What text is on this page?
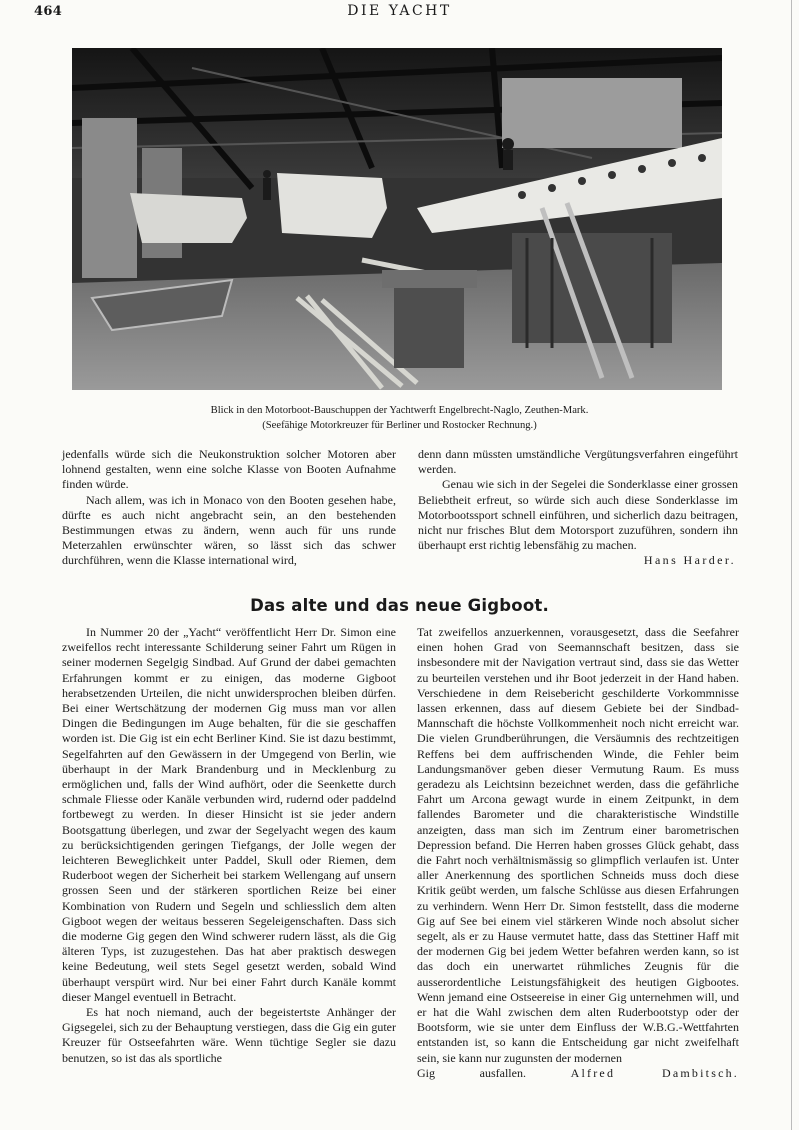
464	DIE YACHT
Blick in den Motorboot-Bauschuppen der Yachtwerft Engelbrecht-Naglo, Zeuthen-Mark.
(Seefähige Motorkreuzer für Berliner und Rostocker Rechnung.)

jedenfalls würde sich die Neukonstruktion solcher Motoren aber lohnend gestalten, wenn eine solche Klasse von Booten Aufnahme finden würde.

Nach allem, was ich in Monaco von den Booten gesehen habe, dürfte es auch nicht angebracht sein, an den bestehenden Bestimmungen etwas zu ändern, wenn auch für uns runde Meterzahlen erwünschter wären, so lässt sich das schwer durchführen, wenn die Klasse international wird,

denn dann müssten umständliche Vergütungsverfahren eingeführt werden.

Genau wie sich in der Segelei die Sonderklasse einer grossen Beliebtheit erfreut, so würde sich auch diese Sonderklasse im Motorbootssport schnell einführen, und sicherlich dazu beitragen, nicht nur frisches Blut dem Motorsport zuzuführen, sondern ihn überhaupt erst richtig lebensfähig zu machen.

Hans Harder.

Das alte und das neue Gigboot.

In Nummer 20 der „Yacht“ veröffentlicht Herr Dr. Simon eine zweifellos recht interessante Schilderung seiner Fahrt um Rügen in seiner modernen Segelgig Sindbad. Auf Grund der dabei gemachten Erfahrungen kommt er zu einigen, das moderne Gigboot herabsetzenden Urteilen, die nicht unwidersprochen bleiben dürfen. Bei einer Wertschätzung der modernen Gig muss man vor allen Dingen die Bedingungen im Auge behalten, für die sie geschaffen worden ist. Die Gig ist ein echt Berliner Kind. Sie ist dazu bestimmt, Segelfahrten auf den Gewässern in der Umgegend von Berlin, wie überhaupt in der Mark Brandenburg und in Mecklenburg zu ermöglichen und, falls der Wind aufhört, oder die Seenkette durch schmale Fliesse oder Kanäle verbunden wird, rudernd oder paddelnd fortbewegt zu werden. In dieser Hinsicht ist sie jeder andern Bootsgattung überlegen, und zwar der Segelyacht wegen des kaum zu berücksichtigenden geringen Tiefgangs, der Jolle wegen der leichteren Beweglichkeit unter Paddel, Skull oder Riemen, dem Ruderboot wegen der Sicherheit bei starkem Wellengang auf unsern grossen Seen und der stärkeren sportlichen Reize bei einer Kombination von Rudern und Segeln und schliesslich dem alten Gigboot wegen der weitaus besseren Segeleigenschaften. Dass sich die moderne Gig gegen den Wind schwerer rudern lässt, als die Gig älteren Typs, ist zuzugestehen. Das hat aber praktisch deswegen keine Bedeutung, weil stets Segel gesetzt werden, sobald Wind überhaupt verspürt wird. Nur bei einer Fahrt durch Kanäle kommt dieser Mangel eventuell in Betracht.

Es hat noch niemand, auch der begeistertste Anhänger der Gigsegelei, sich zu der Behauptung verstiegen, dass die Gig ein guter Kreuzer für Ostseefahrten wäre. Wenn tüchtige Segler sie dazu benutzen, so ist das als sportliche

Tat zweifellos anzuerkennen, vorausgesetzt, dass die Seefahrer einen hohen Grad von Seemannschaft besitzen, dass sie insbesondere mit der Navigation vertraut sind, dass sie das Wetter zu beurteilen verstehen und ihr Boot jederzeit in der Hand haben. Verschiedene in dem Reisebericht geschilderte Vorkommnisse lassen erkennen, dass auf diesem Gebiete bei der Sindbad-Mannschaft die höchste Vollkommenheit noch nicht erreicht war. Die vielen Grundberührungen, die Versäumnis des rechtzeitigen Reffens bei dem auffrischenden Winde, die Fehler beim Landungsmanöver geben dieser Vermutung Raum. Es muss geradezu als Leichtsinn bezeichnet werden, dass die gefährliche Fahrt um Arcona gewagt wurde in einem Zeitpunkt, in dem fallendes Barometer und die charakteristische Windstille anzeigten, dass man sich im Zentrum einer barometrischen Depression befand. Die Herren haben grosses Glück gehabt, dass die Fahrt noch verhältnismässig so glimpflich verlaufen ist. Unter aller Anerkennung des sportlichen Schneids muss doch diese Kritik geübt werden, um falsche Schlüsse aus diesen Erfahrungen zu verhindern. Wenn Herr Dr. Simon feststellt, dass die moderne Gig auf See bei einem viel stärkeren Winde noch absolut sicher segelt, als er zu Hause vermutet hatte, dass das Stettiner Haff mit der modernen Gig bei jedem Wetter befahren werden kann, so ist das doch ein unerwartet rühmliches Zeugnis für die ausserordentliche Leistungsfähigkeit des heutigen Gigbootes. Wenn jemand eine Ostseereise in einer Gig unternehmen will, und er hat die Wahl zwischen dem alten Ruderbootstyp oder der Bootsform, wie sie unter dem Einfluss der W.B.G.-Wettfahrten entstanden ist, so kann die Entscheidung gar nicht zweifelhaft sein, sie kann nur zugunsten der modernen

Gig ausfallen.	Alfred Dambitsch.
